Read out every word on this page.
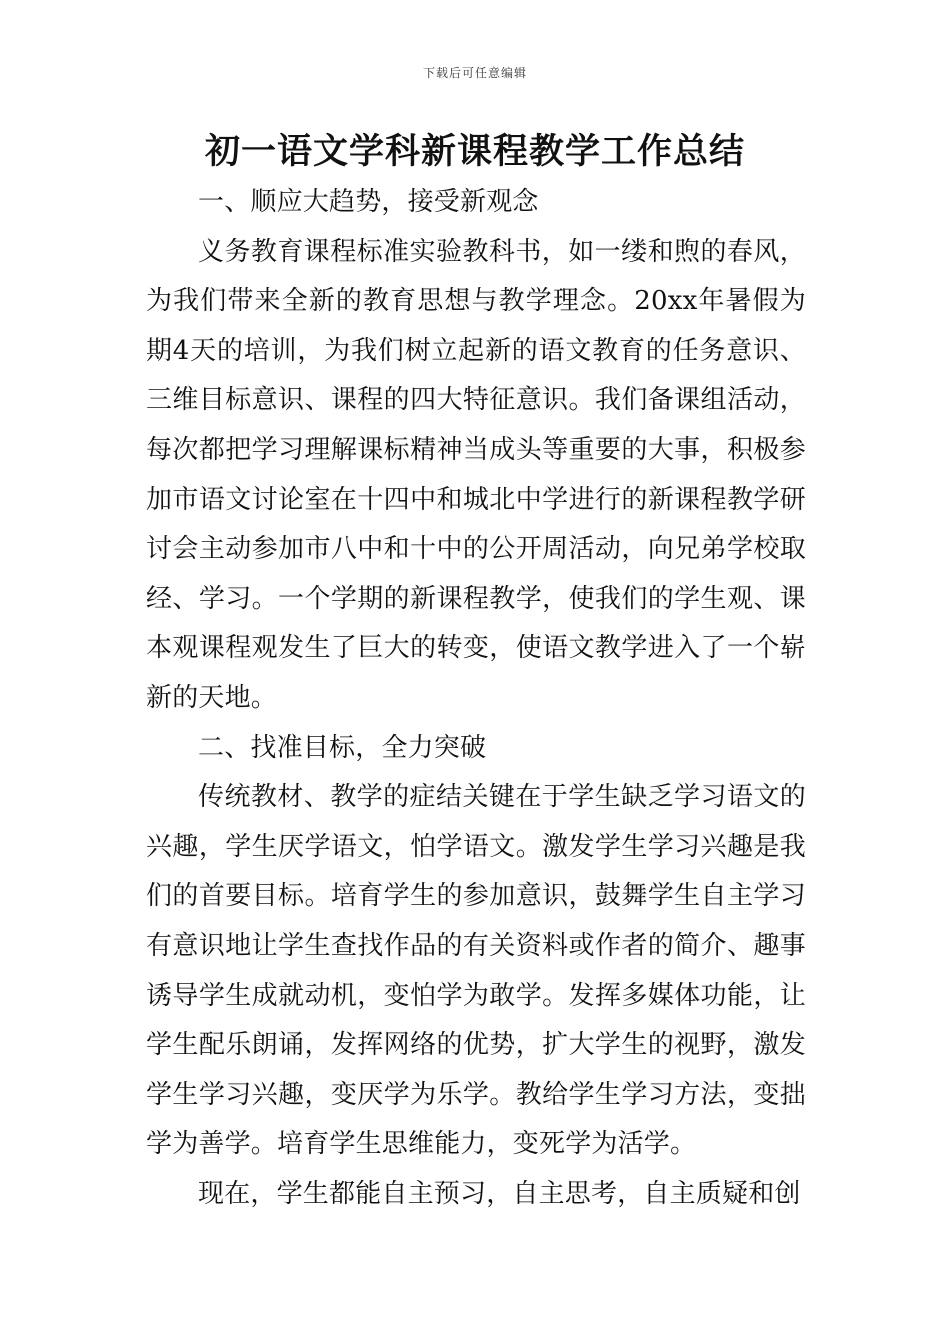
下载后可任意编辑
初一语文学科新课程教学工作总结

一、顺应大趋势，接受新观念

义务教育课程标准实验教科书，如一缕和煦的春风，为我们带来全新的教育思想与教学理念。20xx年暑假为期4天的培训，为我们树立起新的语文教育的任务意识、三维目标意识、课程的四大特征意识。我们备课组活动，每次都把学习理解课标精神当成头等重要的大事，积极参加市语文讨论室在十四中和城北中学进行的新课程教学研讨会主动参加市八中和十中的公开周活动，向兄弟学校取经、学习。一个学期的新课程教学，使我们的学生观、课本观课程观发生了巨大的转变，使语文教学进入了一个崭新的天地。

二、找准目标，全力突破

传统教材、教学的症结关键在于学生缺乏学习语文的兴趣，学生厌学语文，怕学语文。激发学生学习兴趣是我们的首要目标。培育学生的参加意识，鼓舞学生自主学习有意识地让学生查找作品的有关资料或作者的简介、趣事诱导学生成就动机，变怕学为敢学。发挥多媒体功能，让学生配乐朗诵，发挥网络的优势，扩大学生的视野，激发学生学习兴趣，变厌学为乐学。教给学生学习方法，变拙学为善学。培育学生思维能力，变死学为活学。

现在，学生都能自主预习，自主思考，自主质疑和创
